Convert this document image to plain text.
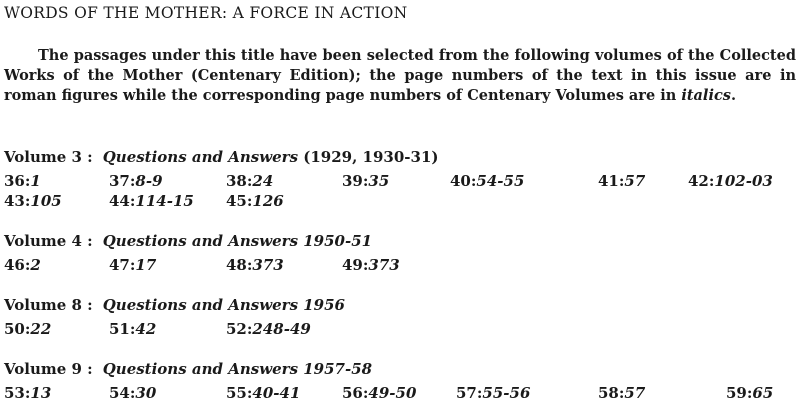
WORDS OF THE MOTHER: A FORCE IN ACTION
The passages under this title have been selected from the following volumes of the Collected Works of the Mother (Centenary Edition); the page numbers of the text in this issue are in roman figures while the corresponding page numbers of Centenary Volumes are in italics.
Volume 3 : Questions and Answers (1929, 1930-31)
36:1	37:8-9	38:24	39:35	40:54-55	41:57	42:102-03
43:105	44:114-15 45:126
Volume 4 : Questions and Answers 1950-51
46:2	47:17	48:373	49:373
Volume 8 : Questions and Answers 1956
50:22	51:42	52:248-49
Volume 9 : Questions and Answers 1957-58
53:13	54:30	55:40-41	56:49-50	57:55-56	58:57	59:65
